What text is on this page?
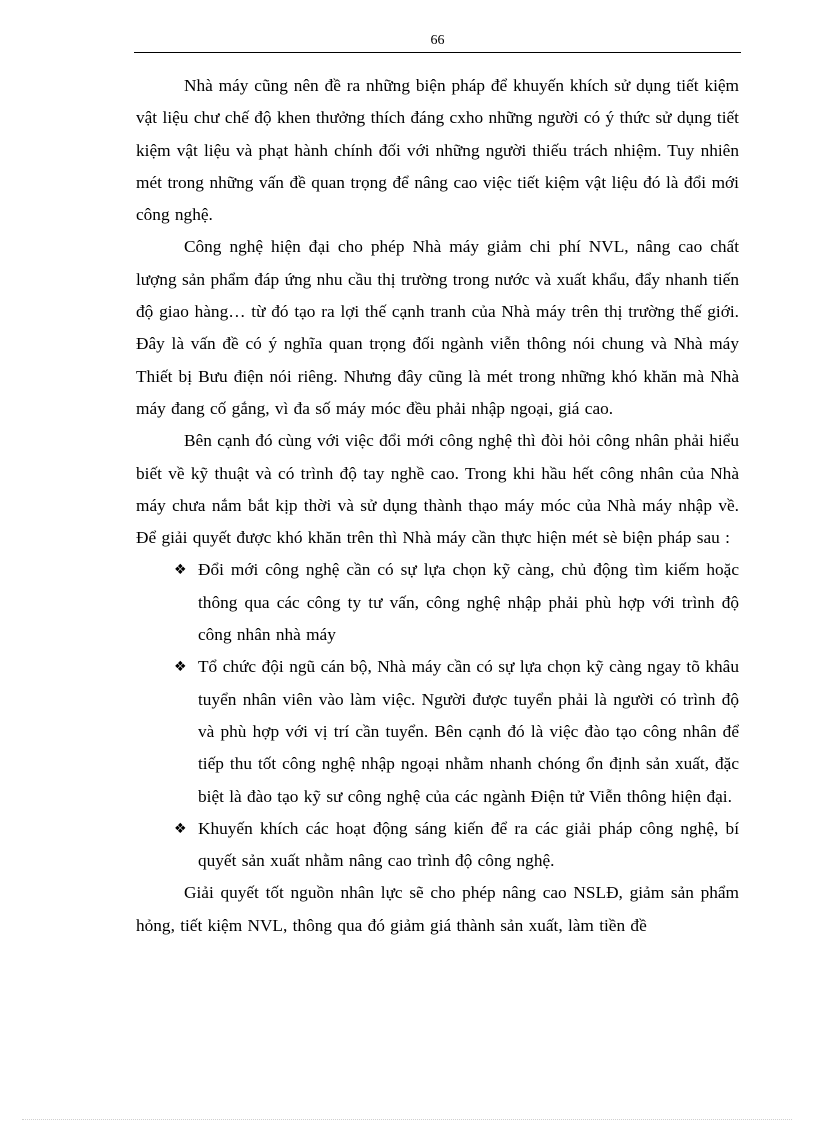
66

Nhà máy cũng nên đề ra những biện pháp để khuyến khích sử dụng tiết kiệm vật liệu chư chế độ khen thưởng thích đáng cxho những người có ý thức sử dụng tiết kiệm vật liệu và phạt hành chính đối với những người thiếu trách nhiệm. Tuy nhiên mét trong những vấn đề quan trọng để nâng cao việc tiết kiệm vật liệu đó là đổi mới công nghệ.

Công nghệ hiện đại cho phép Nhà máy giảm chi phí NVL, nâng cao chất lượng sản phẩm đáp ứng nhu cầu thị trường trong nước và xuất khẩu, đẩy nhanh tiến độ giao hàng… từ đó tạo ra lợi thế cạnh tranh của Nhà máy trên thị trường thế giới. Đây là vấn đề có ý nghĩa quan trọng đối ngành viễn thông nói chung và Nhà máy Thiết bị Bưu điện nói riêng. Nhưng đây cũng là mét trong những khó khăn mà Nhà máy đang cố gắng, vì đa số máy móc đều phải nhập ngoại, giá cao.

Bên cạnh đó cùng với việc đổi mới công nghệ thì đòi hỏi công nhân phải hiểu biết về kỹ thuật và có trình độ tay nghề cao. Trong khi hầu hết công nhân của Nhà máy chưa nắm bắt kịp thời và sử dụng thành thạo máy móc của Nhà máy nhập về. Để giải quyết được khó khăn trên thì Nhà máy cần thực hiện mét sè biện pháp sau :

❖ Đổi mới công nghệ cần có sự lựa chọn kỹ càng, chủ động tìm kiếm hoặc thông qua các công ty tư vấn, công nghệ nhập phải phù hợp với trình độ công nhân nhà máy
❖ Tổ chức đội ngũ cán bộ, Nhà máy cần có sự lựa chọn kỹ càng ngay tõ khâu tuyển nhân viên vào làm việc. Người được tuyển phải là người có trình độ và phù hợp với vị trí cần tuyển. Bên cạnh đó là việc đào tạo công nhân để tiếp thu tốt công nghệ nhập ngoại nhằm nhanh chóng ổn định sản xuất, đặc biệt là đào tạo kỹ sư công nghệ của các ngành Điện tử Viễn thông hiện đại.
❖ Khuyến khích các hoạt động sáng kiến để ra các giải pháp công nghệ, bí quyết sản xuất nhằm nâng cao trình độ công nghệ.

Giải quyết tốt nguồn nhân lực sẽ cho phép nâng cao NSLĐ, giảm sản phẩm hỏng, tiết kiệm NVL, thông qua đó giảm giá thành sản xuất, làm tiền đề
